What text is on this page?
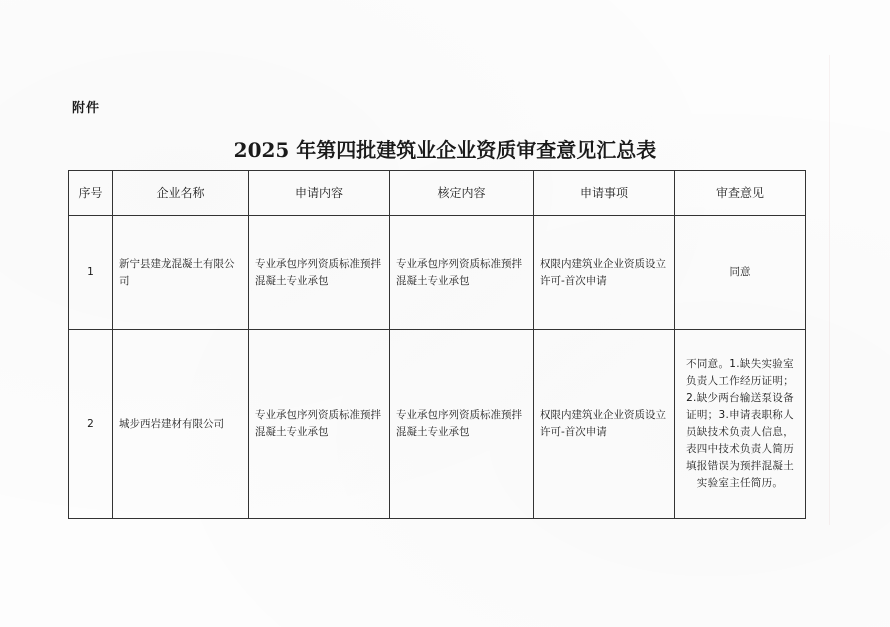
附件
2025 年第四批建筑业企业资质审查意见汇总表
序号	企业名称	申请内容	核定内容	申请事项	审查意见
1	新宁县建龙混凝土有限公司	专业承包序列资质标准预拌混凝土专业承包	专业承包序列资质标准预拌混凝土专业承包	权限内建筑业企业资质设立许可-首次申请	同意
2	城步西岩建材有限公司	专业承包序列资质标准预拌混凝土专业承包	专业承包序列资质标准预拌混凝土专业承包	权限内建筑业企业资质设立许可-首次申请	不同意。1.缺失实验室负责人工作经历证明；2.缺少两台输送泵设备证明；3.申请表职称人员缺技术负责人信息，表四中技术负责人简历填报错误为预拌混凝土实验室主任简历。
